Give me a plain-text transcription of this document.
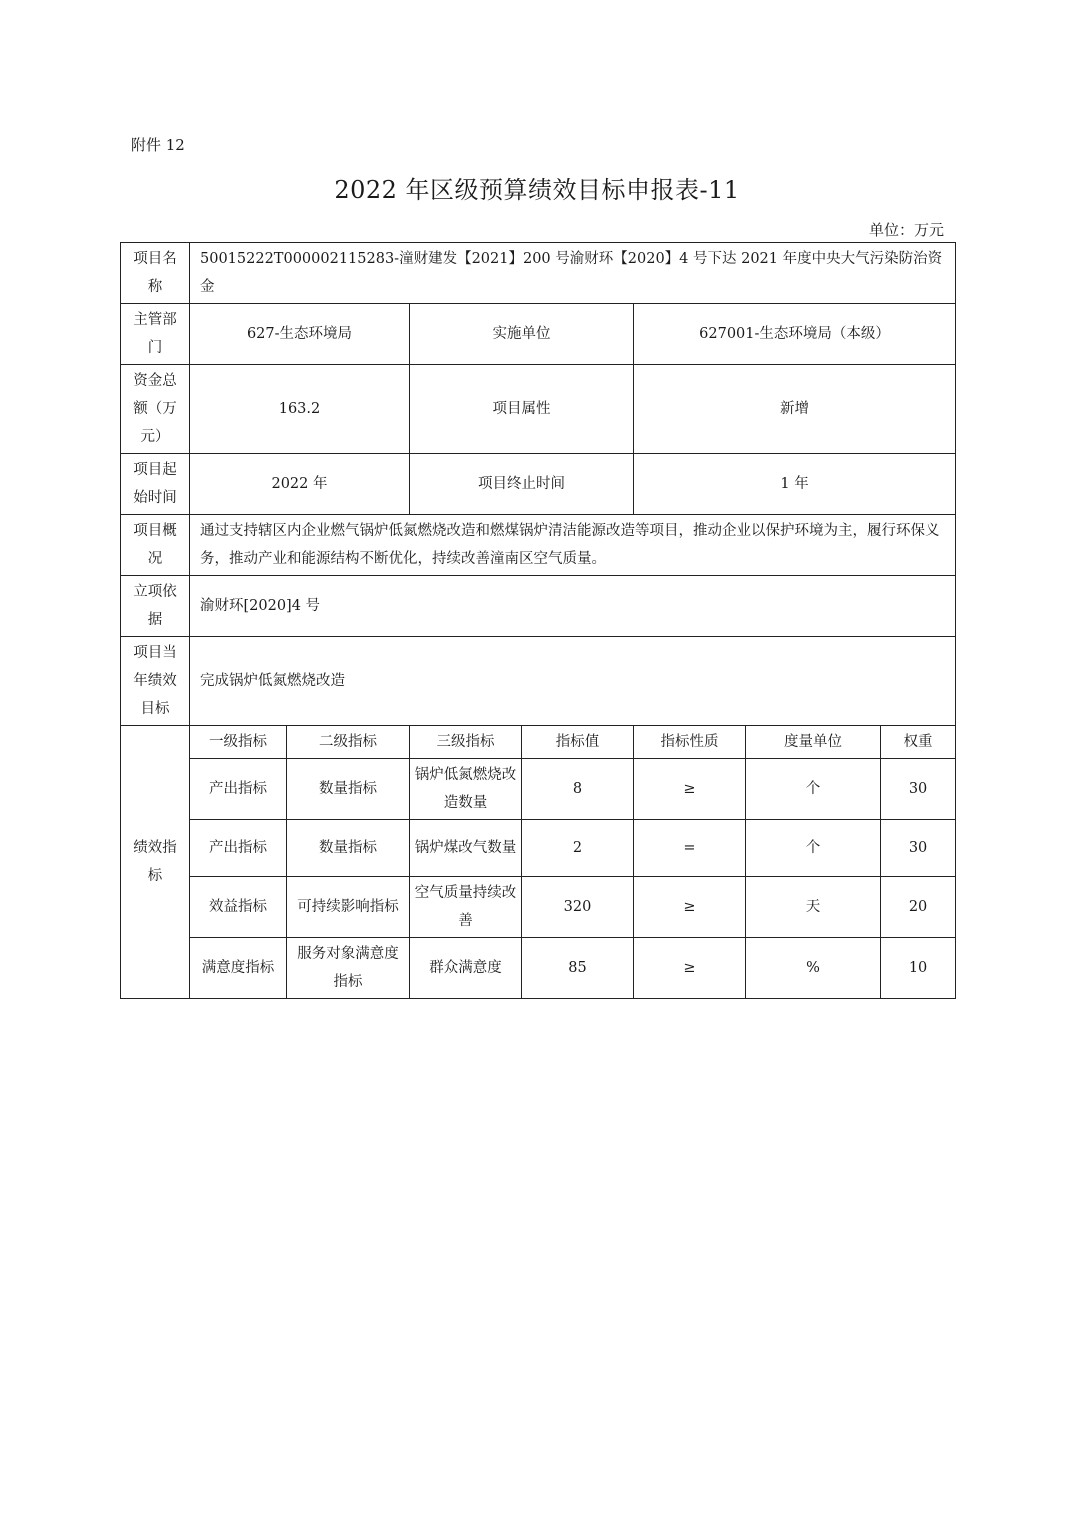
附件 12
2022 年区级预算绩效目标申报表-11
单位：万元
项目名称	50015222T000002115283-潼财建发【2021】200 号渝财环【2020】4 号下达 2021 年度中央大气污染防治资金						
主管部门	627-生态环境局		实施单位		627001-生态环境局（本级）		
资金总额（万元）	163.2		项目属性		新增		
项目起始时间	2022 年		项目终止时间		1 年		
项目概况	通过支持辖区内企业燃气锅炉低氮燃烧改造和燃煤锅炉清洁能源改造等项目，推动企业以保护环境为主，履行环保义务，推动产业和能源结构不断优化，持续改善潼南区空气质量。						
立项依据	渝财环[2020]4 号						
项目当年绩效目标	完成锅炉低氮燃烧改造						
绩效指标	一级指标	二级指标	三级指标	指标值	指标性质	度量单位	权重
	产出指标	数量指标	锅炉低氮燃烧改造数量	8	≥	个	30
	产出指标	数量指标	锅炉煤改气数量	2	=	个	30
	效益指标	可持续影响指标	空气质量持续改善	320	≥	天	20
	满意度指标	服务对象满意度指标	群众满意度	85	≥	%	10
